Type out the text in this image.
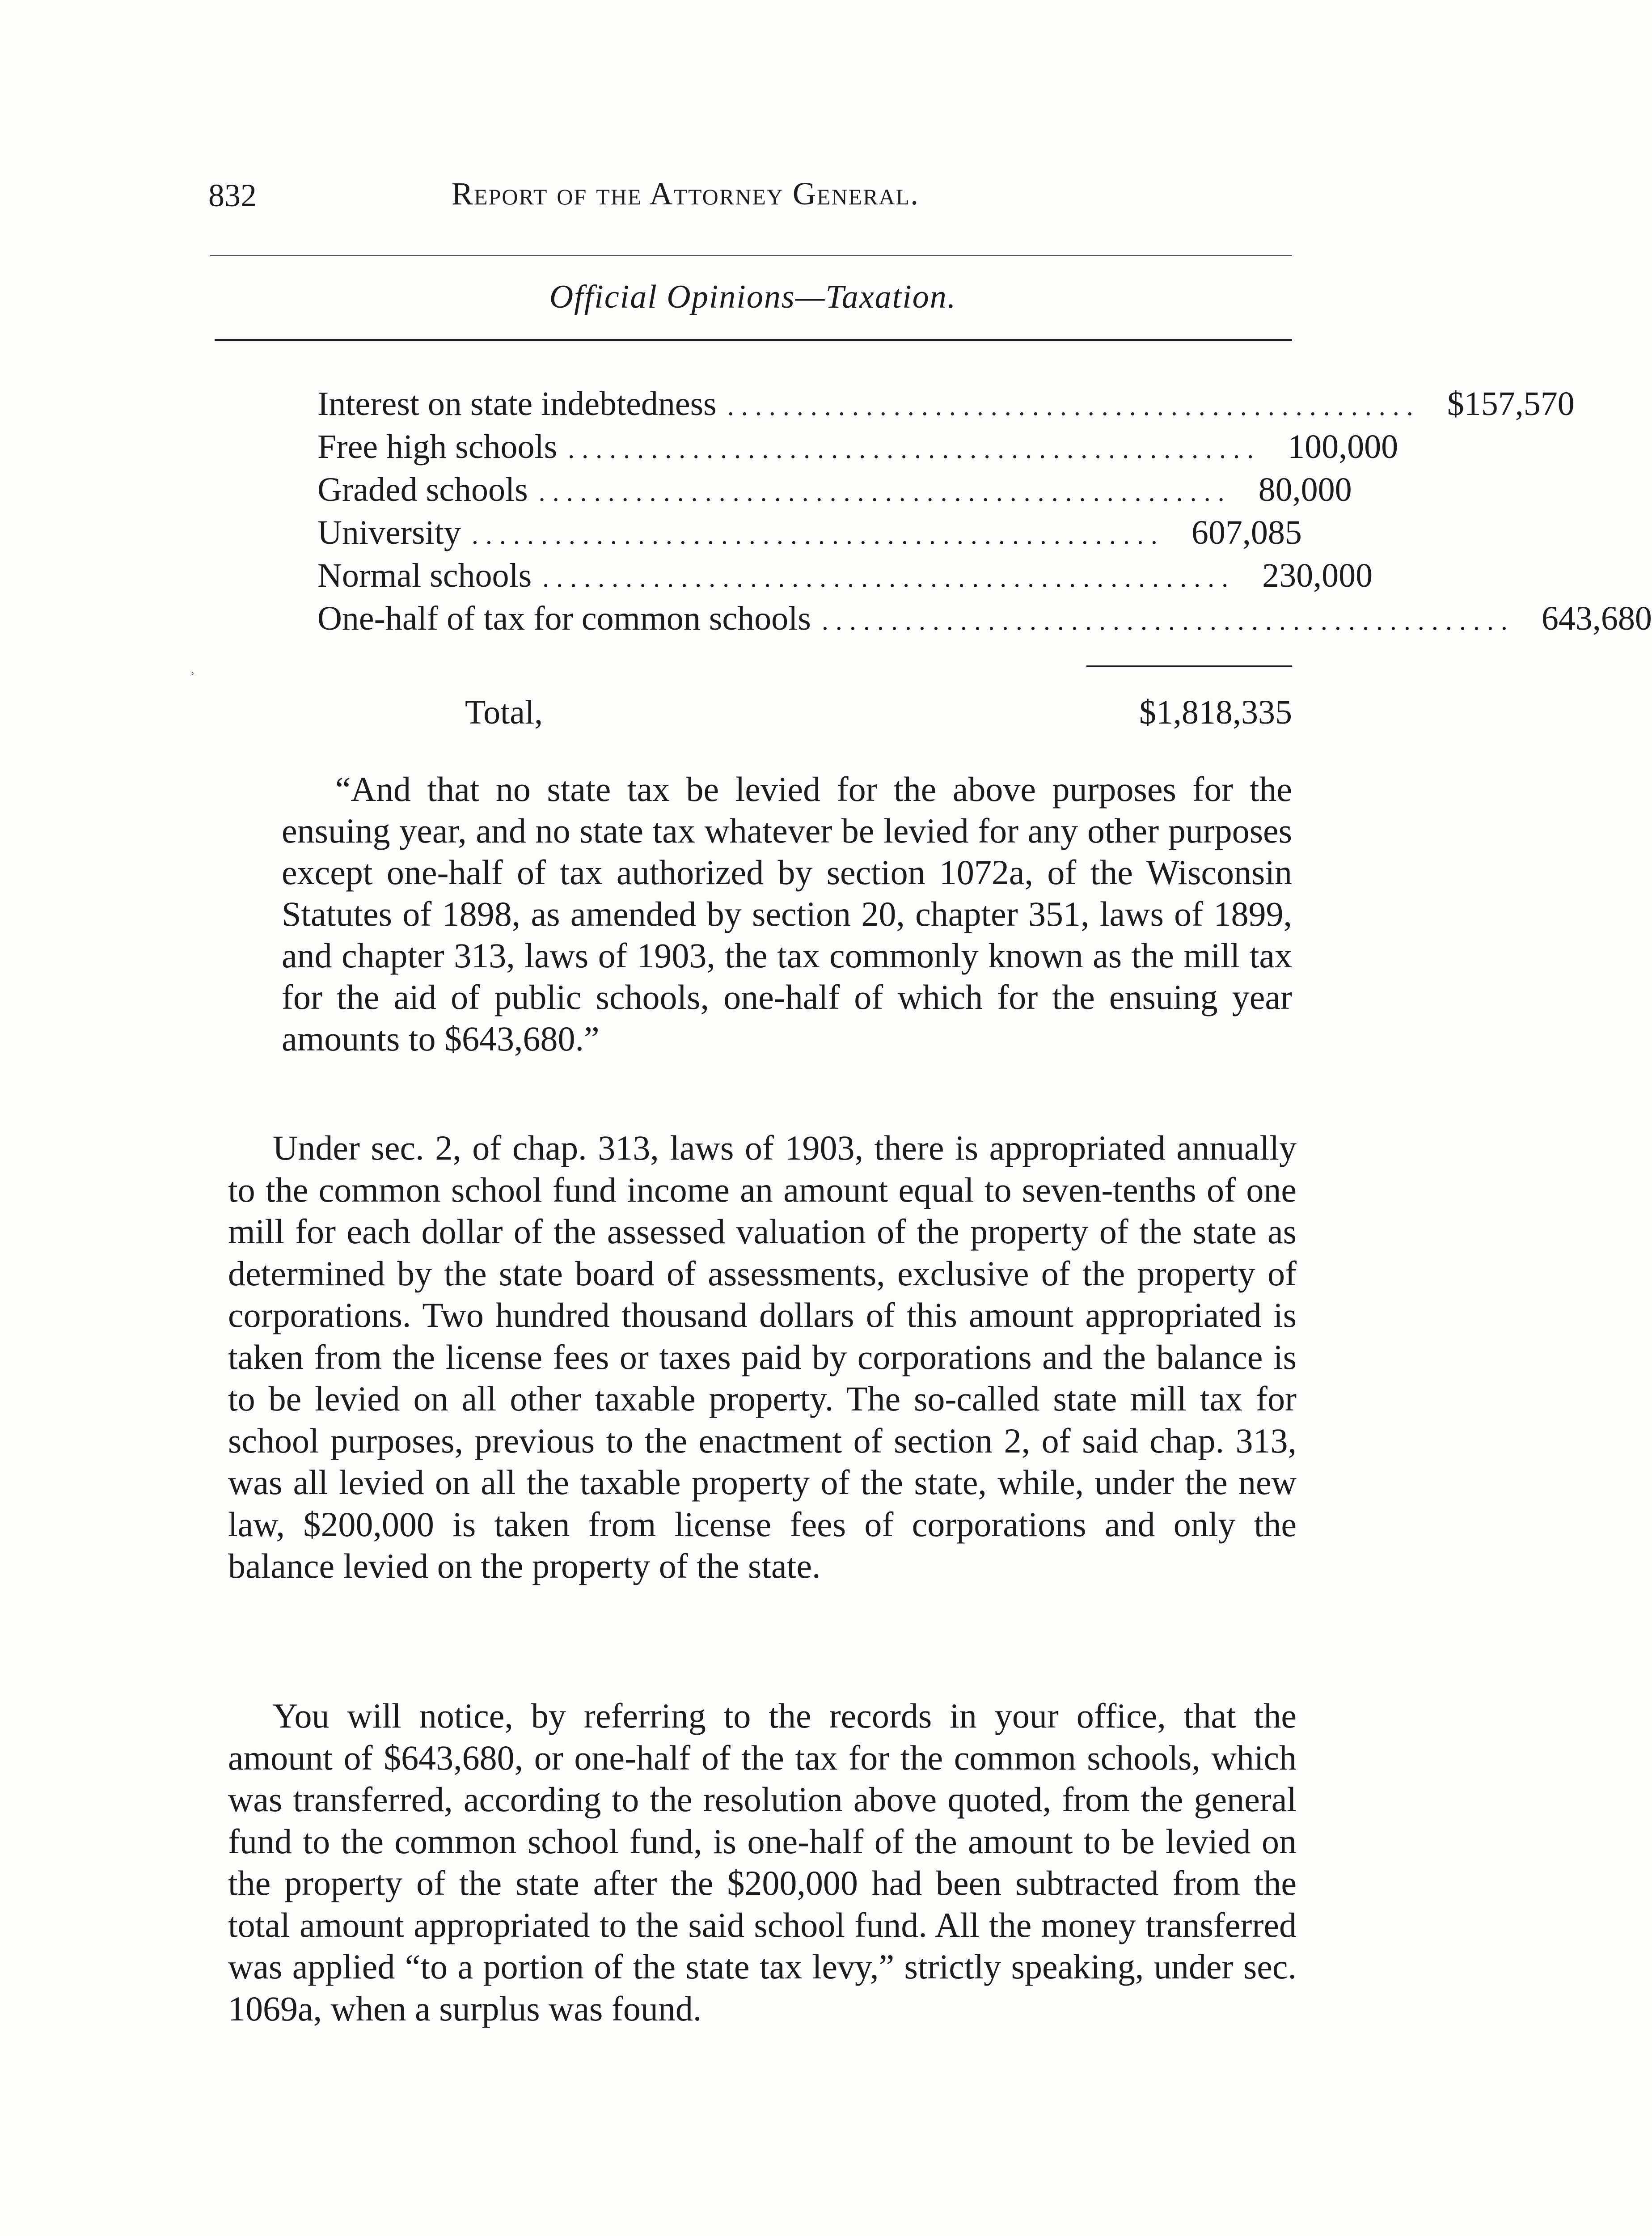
832	Report of the Attorney General.
Official Opinions—Taxation.
Interest on state indebtedness .................................................. $157,570
Free high schools .................................................. 100,000
Graded schools .................................................. 80,000
University .................................................. 607,085
Normal schools .................................................. 230,000
One-half of tax for common schools .................................................. 643,680
Total,	$1,818,335

“And that no state tax be levied for the above purposes for the ensuing year, and no state tax whatever be levied for any other purposes except one-half of tax authorized by section 1072a, of the Wisconsin Statutes of 1898, as amended by section 20, chapter 351, laws of 1899, and chapter 313, laws of 1903, the tax commonly known as the mill tax for the aid of public schools, one-half of which for the ensuing year amounts to $643,680.”

Under sec. 2, of chap. 313, laws of 1903, there is appropriated annually to the common school fund income an amount equal to seven-tenths of one mill for each dollar of the assessed valuation of the property of the state as determined by the state board of assessments, exclusive of the property of corporations. Two hundred thousand dollars of this amount appropriated is taken from the license fees or taxes paid by corporations and the balance is to be levied on all other taxable property. The so-called state mill tax for school purposes, previous to the enactment of section 2, of said chap. 313, was all levied on all the taxable property of the state, while, under the new law, $200,000 is taken from license fees of corporations and only the balance levied on the property of the state.

You will notice, by referring to the records in your office, that the amount of $643,680, or one-half of the tax for the common schools, which was transferred, according to the resolution above quoted, from the general fund to the common school fund, is one-half of the amount to be levied on the property of the state after the $200,000 had been subtracted from the total amount appropriated to the said school fund. All the money transferred was applied “to a portion of the state tax levy,” strictly speaking, under sec. 1069a, when a surplus was found.

ʾ
